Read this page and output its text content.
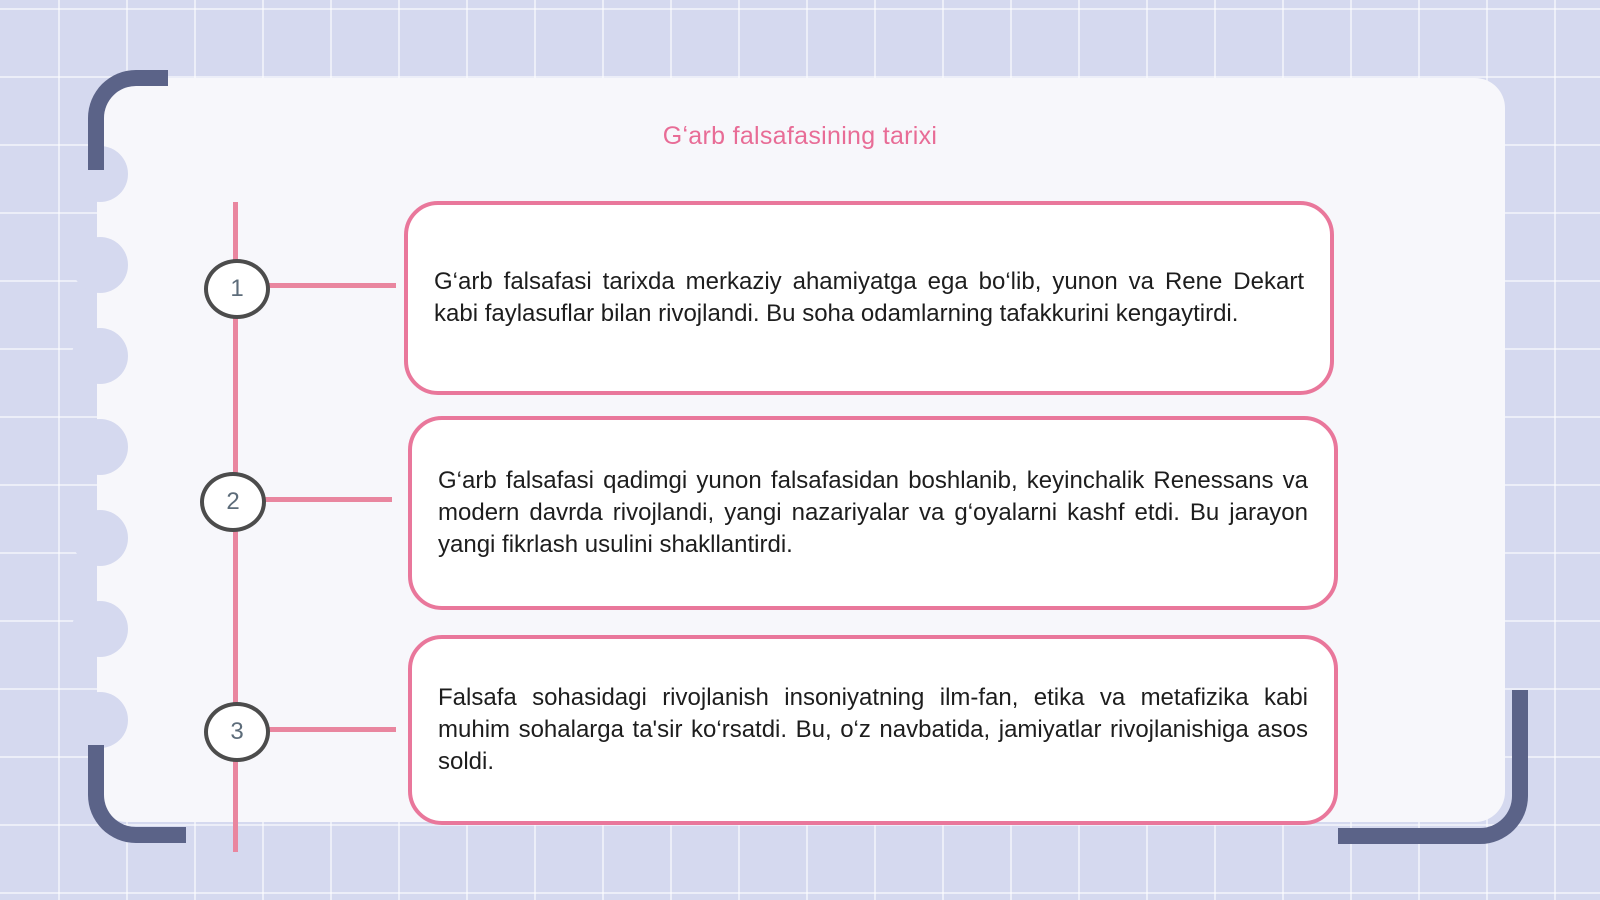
Gʻarb falsafasining tarixi
1
2
3

G‘arb falsafasi tarixda merkaziy ahamiyatga ega bo‘lib, yunon va Rene Dekart kabi faylasuflar bilan rivojlandi. Bu soha odamlarning tafakkurini kengaytirdi.

G‘arb falsafasi qadimgi yunon falsafasidan boshlanib, keyinchalik Renessans va modern davrda rivojlandi, yangi nazariyalar va g‘oyalarni kashf etdi. Bu jarayon yangi fikrlash usulini shakllantirdi.

Falsafa sohasidagi rivojlanish insoniyatning ilm-fan, etika va metafizika kabi muhim sohalarga ta'sir ko‘rsatdi. Bu, o‘z navbatida, jamiyatlar rivojlanishiga asos soldi.
